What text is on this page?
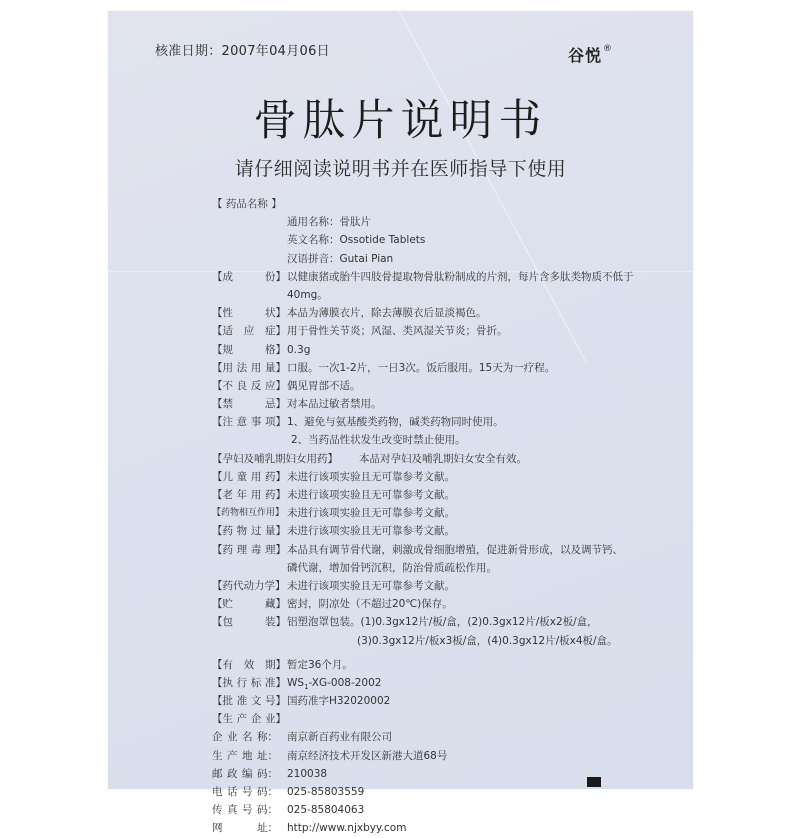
核准日期：2007年04月06日	谷悦®
骨肽片说明书
请仔细阅读说明书并在医师指导下使用
【
药品名称
】
通用名称：骨肽片
英文名称：Ossotide Tablets
汉语拼音：Gutai Pian
【 成	份 】 以健康猪或胎牛四肢骨提取物骨肽粉制成的片剂，每片含多肽类物质不低于
40mg。
【 性	状 】 本品为薄膜衣片，除去薄膜衣后显淡褐色。
【 适 应 症 】 用于骨性关节炎；风湿、类风湿关节炎；骨折。
【 规	格 】 0.3g
【 用 法 用 量 】 口服。一次1-2片，一日3次。饭后服用。15天为一疗程。
【 不 良 反 应 】 偶见胃部不适。
【 禁	忌 】 对本品过敏者禁用。
【 注 意 事 项 】 1、避免与氨基酸类药物，碱类药物同时使用。
2、当药品性状发生改变时禁止使用。
【 孕妇及哺乳期妇女用药 】 本品对孕妇及哺乳期妇女安全有效。
【 儿 童 用 药 】 未进行该项实验且无可靠参考文献。
【 老 年 用 药 】 未进行该项实验且无可靠参考文献。
【 药物相互作用 】 未进行该项实验且无可靠参考文献。
【 药 物 过 量 】 未进行该项实验且无可靠参考文献。
【 药 理 毒 理 】 本品具有调节骨代谢，刺激成骨细胞增殖，促进新骨形成，以及调节钙、
磷代谢，增加骨钙沉积，防治骨质疏松作用。
【 药代动力学 】 未进行该项实验且无可靠参考文献。
【 贮	藏 】 密封，阴凉处（不超过20℃)保存。
【 包	装 】 铝塑泡罩包装。(1)0.3gx12片/板/盒，(2)0.3gx12片/板x2板/盒，
(3)0.3gx12片/板x3板/盒，(4)0.3gx12片/板x4板/盒。
【 有 效 期 】 暂定36个月。
【 执 行 标 准 】 $WS_1-XG-008-2002$
【 批 准 文 号 】 国药准字H32020002
【 生 产 企 业 】
企 业 名 称： 南京新百药业有限公司
生 产 地 址： 南京经济技术开发区新港大道68号
邮 政 编 码： 210038
电 话 号 码： 025-85803559
传 真 号 码： 025-85804063
网	址： http://www.njxbyy.com
